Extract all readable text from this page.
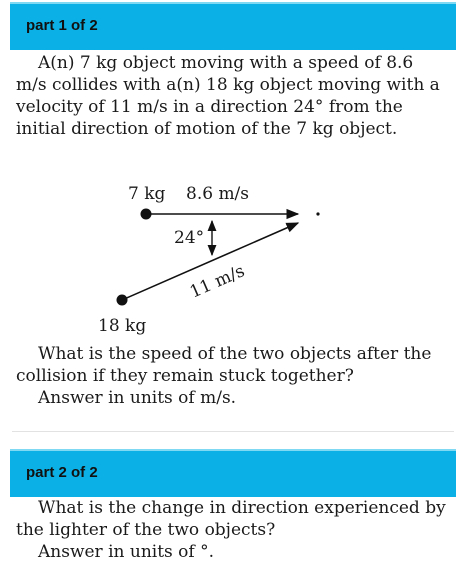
part 1 of 2
A(n) 7 kg object moving with a speed of 8.6 m/s collides with a(n) 18 kg object moving with a velocity of 11 m/s in a direction 24° from the initial direction of motion of the 7 kg object.
7 kg 8.6 m/s
24°
11 m/s
18 kg
What is the speed of the two objects after the collision if they remain stuck together?
Answer in units of m/s.
part 2 of 2
What is the change in direction experienced by the lighter of the two objects?
Answer in units of °.
